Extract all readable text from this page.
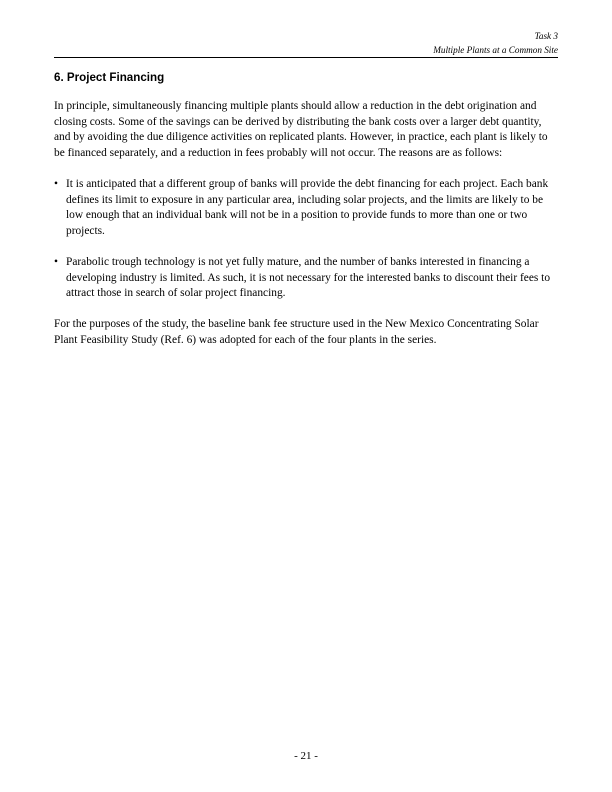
Task 3
Multiple Plants at a Common Site
6. Project Financing

In principle, simultaneously financing multiple plants should allow a reduction in the debt origination and closing costs. Some of the savings can be derived by distributing the bank costs over a larger debt quantity, and by avoiding the due diligence activities on replicated plants. However, in practice, each plant is likely to be financed separately, and a reduction in fees probably will not occur. The reasons are as follows:

• It is anticipated that a different group of banks will provide the debt financing for each project. Each bank defines its limit to exposure in any particular area, including solar projects, and the limits are likely to be low enough that an individual bank will not be in a position to provide funds to more than one or two projects.
• Parabolic trough technology is not yet fully mature, and the number of banks interested in financing a developing industry is limited. As such, it is not necessary for the interested banks to discount their fees to attract those in search of solar project financing.

For the purposes of the study, the baseline bank fee structure used in the New Mexico Concentrating Solar Plant Feasibility Study (Ref. 6) was adopted for each of the four plants in the series.

- 21 -
